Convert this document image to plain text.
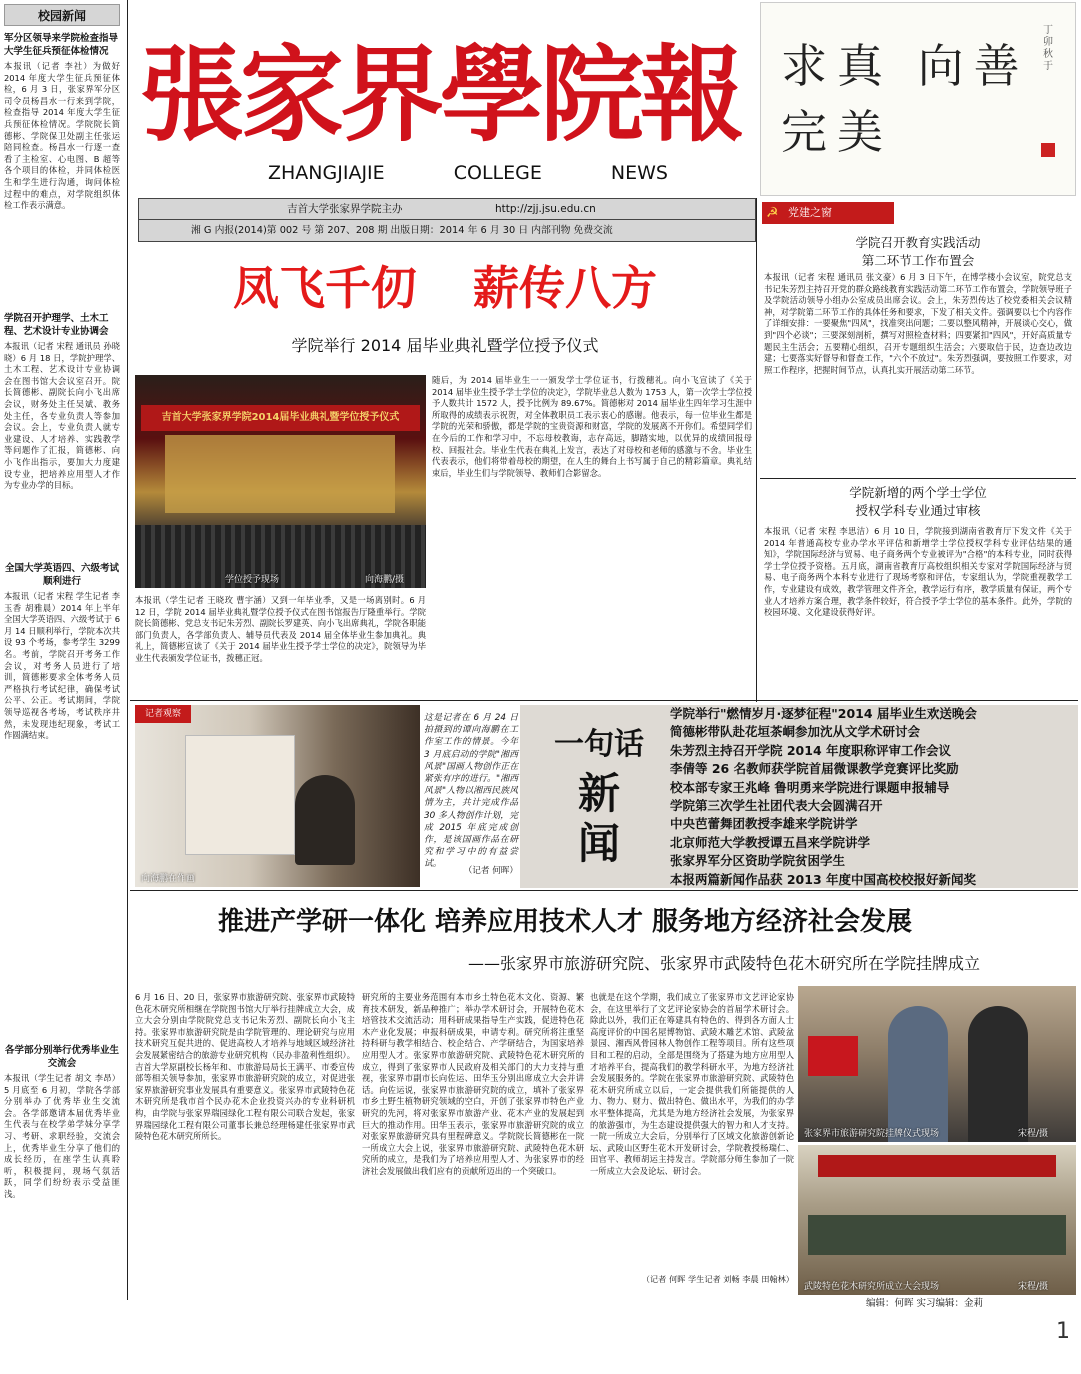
校园新闻
军分区领导来学院检查指导大学生征兵预征体检情况
本报讯（记者 李社）为做好 2014 年度大学生征兵预征体检，6 月 3 日，张家界军分区司令员杨昌水一行来到学院，检查指导 2014 年度大学生征兵预征体检情况。学院院长简德彬、学院保卫处副主任张运陪同检查。杨昌水一行逐一查看了主检室、心电图、B 超等各个项目的体检，并同体检医生和学生进行沟通，询问体检过程中的难点，对学院组织体检工作表示满意。
学院召开护理学、土木工程、艺术设计专业协调会
本报讯（记者 宋程 通讯员 孙晓晓）6 月 18 日，学院护理学、土木工程、艺术设计专业协调会在图书馆大会议室召开。院长简德彬、副院长向小飞出席会议，财务处主任吴斌、教务处主任，各专业负责人等参加会议。会上，专业负责人就专业建设、人才培养、实践教学等问题作了汇报，简德彬、向小飞作出指示，要加大力度建设专业，把培养应用型人才作为专业办学的目标。
全国大学英语四、六级考试顺利进行
本报讯（记者 宋程 学生记者 李玉香 胡雅晨）2014 年上半年全国大学英语四、六级考试于 6 月 14 日顺利举行，学院本次共设 93 个考场，参考学生 3299 名。考前，学院召开考务工作会议，对考务人员进行了培训，简德彬要求全体考务人员严格执行考试纪律，确保考试公平、公正。考试期间，学院领导巡视各考场，考试秩序井然，未发现违纪现象，考试工作圆满结束。
各学部分别举行优秀毕业生交流会
本报讯（学生记者 胡文 李昂）5 月底至 6 月初，学院各学部分别举办了优秀毕业生交流会。各学部邀请本届优秀毕业生代表与在校学弟学妹分享学习、考研、求职经验，交流会上，优秀毕业生分享了他们的成长经历，在座学生认真聆听，积极提问，现场气氛活跃，同学们纷纷表示受益匪浅。
張家界學院報
ZHANGJIAJIE	COLLEGE	NEWS
求真 向善 完美
丁卯秋于
吉首大学张家界学院主办	http://zjj.jsu.edu.cn
湘 G 内报(2014)第 002 号 第 207、208 期 出版日期：2014 年 6 月 30 日 内部刊物 免费交流
凤飞千仞 薪传八方
学院举行 2014 届毕业典礼暨学位授予仪式
吉首大学张家界学院2014届毕业典礼暨学位授予仪式
学位授予现场	向海鹏/摄
本报讯（学生记者 王晓玫 曹宇涵）又到一年毕业季，又是一场离别时。6 月 12 日，学院 2014 届毕业典礼暨学位授予仪式在图书馆报告厅隆重举行。学院院长简德彬、党总支书记朱芳烈、副院长罗建英、向小飞出席典礼，学院各职能部门负责人，各学部负责人、辅导员代表及 2014 届全体毕业生参加典礼。典礼上，简德彬宣读了《关于 2014 届毕业生授予学士学位的决定》，院领导为毕业生代表颁发学位证书，拨穗正冠。
随后，为 2014 届毕业生一一颁发学士学位证书，行拨穗礼。向小飞宣读了《关于 2014 届毕业生授予学士学位的决定》，学院毕业总人数为 1753 人，第一次学士学位授予人数共计 1572 人，授予比例为 89.67%。简德彬对 2014 届毕业生四年学习生涯中所取得的成绩表示祝贺，对全体教职员工表示衷心的感谢。他表示，每一位毕业生都是学院的光荣和骄傲，都是学院的宝贵资源和财富，学院的发展离不开你们。希望同学们在今后的工作和学习中，不忘母校教诲，志存高远，脚踏实地，以优异的成绩回报母校、回报社会。毕业生代表在典礼上发言，表达了对母校和老师的感激与不舍。毕业生代表表示，他们将带着母校的期望，在人生的舞台上书写属于自己的精彩篇章。典礼结束后，毕业生们与学院领导、教师们合影留念。
☭ 党建之窗
学院召开教育实践活动
第二环节工作布置会
本报讯（记者 宋程 通讯员 张文豪）6 月 3 日下午，在博学楼小会议室，院党总支书记朱芳烈主持召开党的群众路线教育实践活动第二环节工作布置会，学院领导班子及学院活动领导小组办公室成员出席会议。会上，朱芳烈传达了校党委相关会议精神，对学院第二环节工作的具体任务和要求，下发了相关文件。强调要以七个内容作了详细安排：一要聚焦"四风"，找准突出问题；二要以整风精神，开展谈心交心，做到"四个必谈"；三要深刻剖析，撰写对照检查材料；四要紧扣"四风"，开好高质量专题民主生活会；五要精心组织，召开专题组织生活会；六要取信于民，边查边改边建；七要落实好督导和督查工作，"六个不放过"。朱芳烈强调，要按照工作要求，对照工作程序，把握时间节点，认真扎实开展活动第二环节。
学院新增的两个学士学位
授权学科专业通过审核
本报讯（记者 宋程 李思洁）6 月 10 日，学院接到湖南省教育厅下发文件《关于 2014 年普通高校专业办学水平评估和新增学士学位授权学科专业评估结果的通知》，学院国际经济与贸易、电子商务两个专业被评为"合格"的本科专业，同时获得学士学位授予资格。五月底，湖南省教育厅高校组织相关专家对学院国际经济与贸易、电子商务两个本科专业进行了现场考察和评估，专家组认为，学院重视教学工作，专业建设有成效，教学管理文件齐全，教学运行有序，教学质量有保证，两个专业人才培养方案合理，教学条件较好，符合授予学士学位的基本条件。此外，学院的校园环境、文化建设获得好评。
记者观察
向海鹏在作画
这是记者在 6 月 24 日拍摄到的谭向海鹏在工作室工作的情景。今年 3 月底启动的学院"湘西风景"国画人物创作正在紧张有序的进行。"湘西风景"人物以湘西民族风情为主，共计完成作品 30 多人物创作计划，完成 2015 年底完成创作，是该国画作品在研究和学习中的有益尝试。
（记者 何晖）
一句话
新闻
学院举行"燃情岁月·逐梦征程"2014 届毕业生欢送晚会
简德彬带队赴花垣茶峒参加沈从文学术研讨会
朱芳烈主持召开学院 2014 年度职称评审工作会议
李倩等 26 名教师获学院首届微课教学竞赛评比奖励
校本部专家王兆峰 鲁明勇来学院进行课题申报辅导
学院第三次学生社团代表大会圆满召开
中央芭蕾舞团教授李雄来学院讲学
北京师范大学教授谭五昌来学院讲学
张家界军分区资助学院贫困学生
本报两篇新闻作品获 2013 年度中国高校校报好新闻奖
推进产学研一体化 培养应用技术人才 服务地方经济社会发展
——张家界市旅游研究院、张家界市武陵特色花木研究所在学院挂牌成立
6 月 16 日、20 日，张家界市旅游研究院、张家界市武陵特色花木研究所相继在学院图书馆大厅举行挂牌成立大会，成立大会分别由学院院党总支书记朱芳烈、副院长向小飞主持。张家界市旅游研究院是由学院管理的、理论研究与应用技术研究互促共进的、促进高校人才培养与地域区域经济社会发展紧密结合的旅游专业研究机构（民办非盈利性组织）。吉首大学原副校长杨年和、市旅游局局长王满平、市委宣传部等相关领导参加，张家界市旅游研究院的成立，对促进张家界旅游研究事业发展具有重要意义。张家界市武陵特色花木研究所是我市首个民办花木企业投资兴办的专业科研机构，由学院与张家界瑞园绿化工程有限公司联合发起，张家界瑞园绿化工程有限公司董事长兼总经理杨建任张家界市武陵特色花木研究所所长。
研究所的主要业务范围有本市乡土特色花木文化、资源、繁育技术研发，新品种推广；举办学术研讨会，开展特色花木培管技术交流活动；用科研成果指导生产实践，促进特色花木产业化发展；申报科研成果，申请专利。研究所将注重坚持科研与教学相结合、校企结合、产学研结合，为国家培养应用型人才。张家界市旅游研究院、武陵特色花木研究所的成立，得到了张家界市人民政府及相关部门的大力支持与重视，张家界市副市长向佐运、田华玉分别出席成立大会并讲话。向佐运说，张家界市旅游研究院的成立，填补了张家界市乡土野生植物研究领域的空白，开创了张家界市特色产业研究的先河，将对张家界市旅游产业、花木产业的发展起到巨大的推动作用。田华玉表示，张家界市旅游研究院的成立对张家界旅游研究具有里程碑意义。学院院长简德彬在一院一所成立大会上说，张家界市旅游研究院、武陵特色花木研究所的成立，是我们为了培养应用型人才、为张家界市的经济社会发展做出我们应有的贡献所迈出的一个突破口。
也就是在这个学期，我们成立了张家界市文艺评论家协会，在这里举行了文艺评论家协会的首届学术研讨会。除此以外，我们正在筹建具有特色的、得到各方面人士高度评价的中国名屋博物馆、武陵木雕艺术馆、武陵盆景园、湘西风骨园林人物创作工程等项目。所有这些项目和工程的启动，全部是围绕为了搭建为地方应用型人才培养平台，提高我们的教学科研水平，为地方经济社会发展服务的。学院在张家界市旅游研究院、武陵特色花木研究所成立以后，一定会提供我们所能提供的人力、物力、财力、做出特色、做出水平，为我们的办学水平整体提高，尤其是为地方经济社会发展，为张家界的旅游强市，为生态建设提供强大的智力和人才支持。一院一所成立大会后，分别举行了区域文化旅游创新论坛、武陵山区野生花木开发研讨会，学院教授杨瑞仁、田官平、教师胡运主持发言。学院部分师生参加了一院一所成立大会及论坛、研讨会。
（记者 何晖 学生记者 刘畅 李晨 田翰林）
张家界市旅游研究院挂牌仪式现场	宋程/摄
武陵特色花木研究所成立大会现场	宋程/摄
编辑：何晖 实习编辑：金莉
1
